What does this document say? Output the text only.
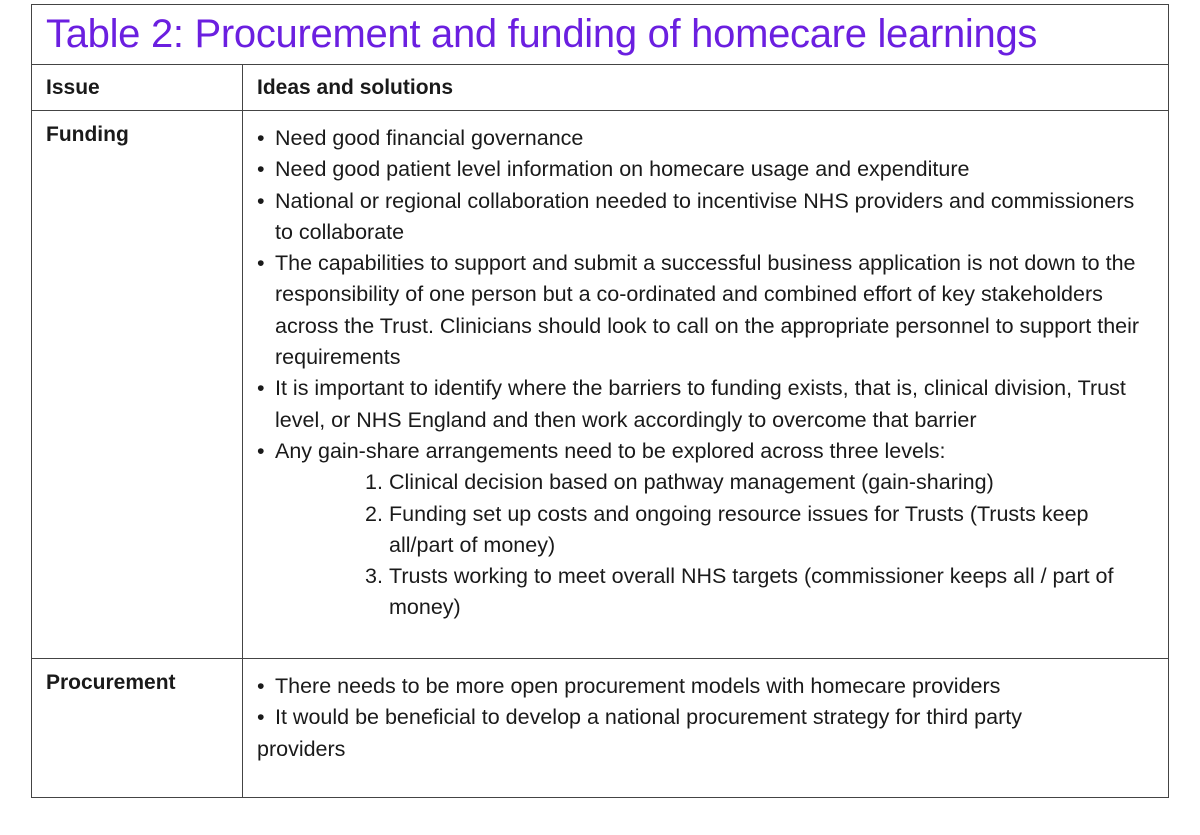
Table 2: Procurement and funding of homecare learnings
Issue	Ideas and solutions
Funding	• Need good financial governance
• Need good patient level information on homecare usage and expenditure
• National or regional collaboration needed to incentivise NHS providers and commissioners to collaborate
• The capabilities to support and submit a successful business application is not down to the responsibility of one person but a co-ordinated and combined effort of key stakeholders across the Trust. Clinicians should look to call on the appropriate personnel to support their requirements
• It is important to identify where the barriers to funding exists, that is, clinical division, Trust level, or NHS England and then work accordingly to overcome that barrier
• Any gain-share arrangements need to be explored across three levels:
1. Clinical decision based on pathway management (gain-sharing)
2. Funding set up costs and ongoing resource issues for Trusts (Trusts keep all/part of money)
3. Trusts working to meet overall NHS targets (commissioner keeps all / part of money)
Procurement	• There needs to be more open procurement models with homecare providers
• It would be beneficial to develop a national procurement strategy for third party
providers
